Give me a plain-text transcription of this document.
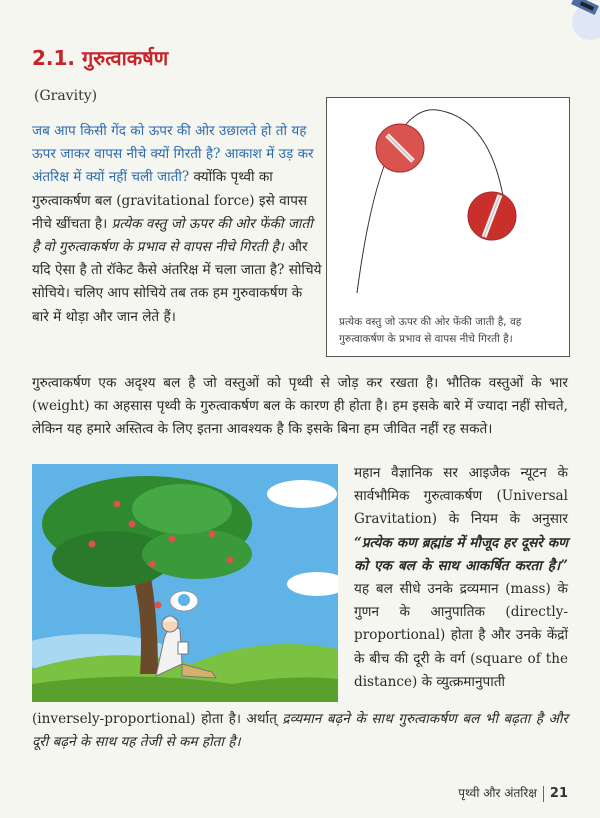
2.1. गुरुत्वाकर्षण
(Gravity)

जब आप किसी गेंद को ऊपर की ओर उछालते हो तो यह ऊपर जाकर वापस नीचे क्यों गिरती है? आकाश में उड़ कर अंतरिक्ष में क्यों नहीं चली जाती? क्योंकि पृथ्वी का गुरुत्वाकर्षण बल (gravitational force) इसे वापस नीचे खींचता है। प्रत्येक वस्तु जो ऊपर की ओर फेंकी जाती है वो गुरुत्वाकर्षण के प्रभाव से वापस नीचे गिरती है। और यदि ऐसा है तो रॉकेट कैसे अंतरिक्ष में चला जाता है? सोचिये सोचिये। चलिए आप सोचिये तब तक हम गुरुवाकर्षण के बारे में थोड़ा और जान लेते हैं।	प्रत्येक वस्तु जो ऊपर की ओर फेंकी जाती है, वह गुरुत्वाकर्षण के प्रभाव से वापस नीचे गिरती है।

गुरुत्वाकर्षण एक अदृश्य बल है जो वस्तुओं को पृथ्वी से जोड़ कर रखता है। भौतिक वस्तुओं के भार (weight) का अहसास पृथ्वी के गुरुत्वाकर्षण बल के कारण ही होता है। हम इसके बारे में ज्यादा नहीं सोचते, लेकिन यह हमारे अस्तित्व के लिए इतना आवश्यक है कि इसके बिना हम जीवित नहीं रह सकते।

महान वैज्ञानिक सर आइजैक न्यूटन के सार्वभौमिक गुरुत्वाकर्षण (Universal Gravitation) के नियम के अनुसार “प्रत्येक कण ब्रह्मांड में मौजूद हर दूसरे कण को एक बल के साथ आकर्षित करता है।” यह बल सीधे उनके द्रव्यमान (mass) के गुणन के आनुपातिक (directly-proportional) होता है और उनके केंद्रों के बीच की दूरी के वर्ग (square of the distance) के व्युत्क्रमानुपाती

(inversely-proportional) होता है। अर्थात् द्रव्यमान बढ़ने के साथ गुरुत्वाकर्षण बल भी बढ़ता है और दूरी बढ़ने के साथ यह तेजी से कम होता है।

पृथ्वी और अंतरिक्ष 21
